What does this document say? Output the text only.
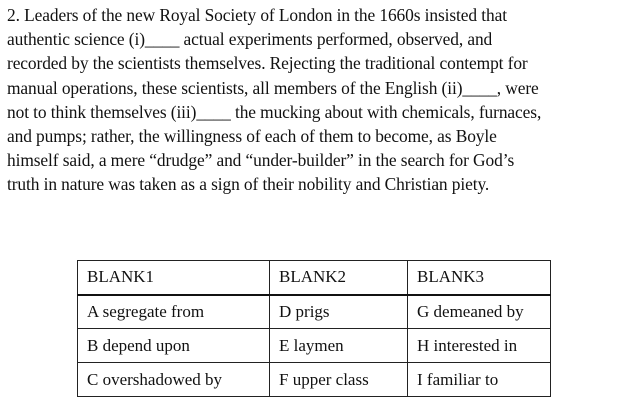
2. Leaders of the new Royal Society of London in the 1660s insisted that
authentic science (i)____ actual experiments performed, observed, and
recorded by the scientists themselves. Rejecting the traditional contempt for
manual operations, these scientists, all members of the English (ii)____, were
not to think themselves (iii)____ the mucking about with chemicals, furnaces,
and pumps; rather, the willingness of each of them to become, as Boyle
himself said, a mere “drudge” and “under-builder” in the search for God’s
truth in nature was taken as a sign of their nobility and Christian piety.
BLANK1	BLANK2	BLANK3
A segregate from	D prigs	G demeaned by
B depend upon	E laymen	H interested in
C overshadowed by	F upper class	I familiar to
